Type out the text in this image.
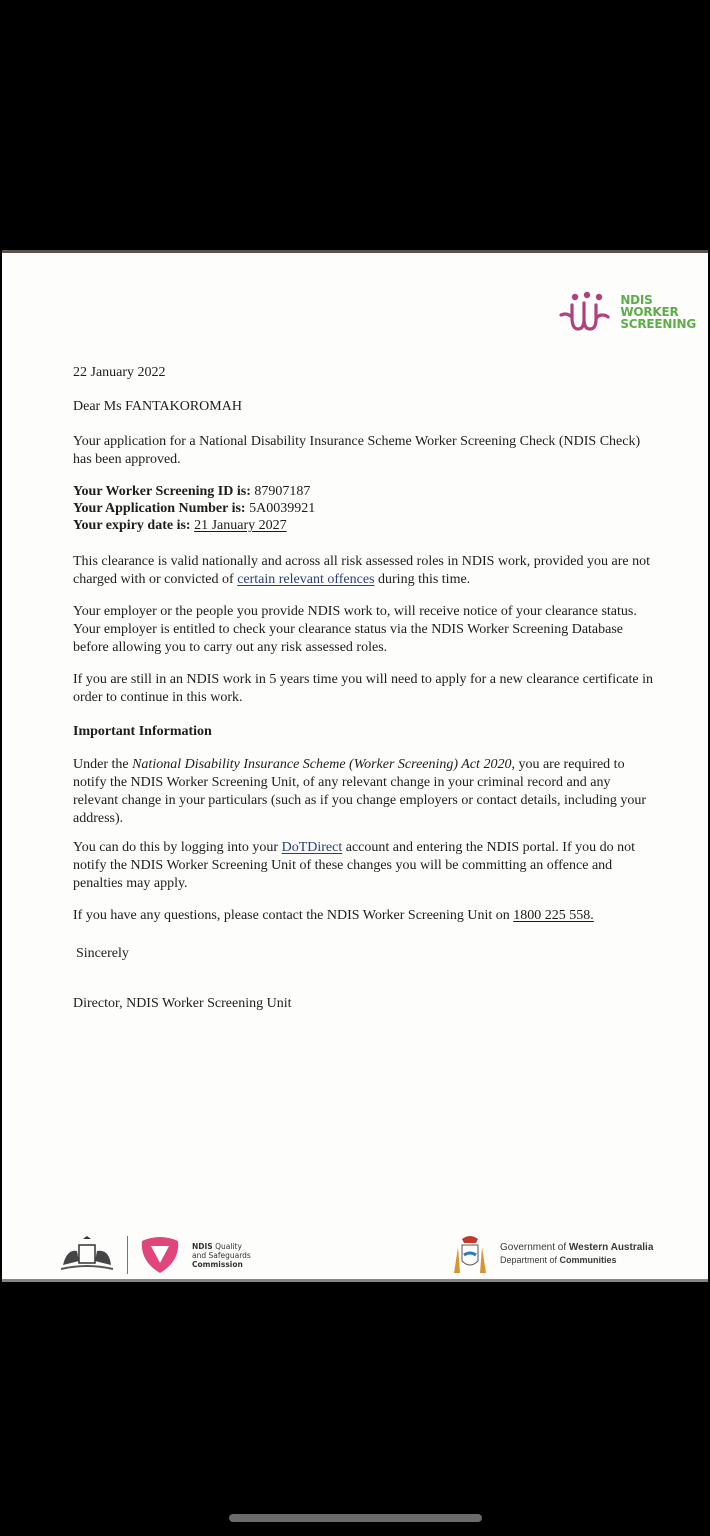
NDIS
WORKER
SCREENING
22 January 2022
Dear Ms FANTAKOROMAH
Your application for a National Disability Insurance Scheme Worker Screening Check (NDIS Check) has been approved.
Your Worker Screening ID is: 87907187
Your Application Number is: 5A0039921
Your expiry date is: 21 January 2027
This clearance is valid nationally and across all risk assessed roles in NDIS work, provided you are not charged with or convicted of certain relevant offences during this time.
Your employer or the people you provide NDIS work to, will receive notice of your clearance status. Your employer is entitled to check your clearance status via the NDIS Worker Screening Database before allowing you to carry out any risk assessed roles.
If you are still in an NDIS work in 5 years time you will need to apply for a new clearance certificate in order to continue in this work.
Important Information
Under the National Disability Insurance Scheme (Worker Screening) Act 2020, you are required to notify the NDIS Worker Screening Unit, of any relevant change in your criminal record and any relevant change in your particulars (such as if you change employers or contact details, including your address).
You can do this by logging into your DoTDirect account and entering the NDIS portal. If you do not notify the NDIS Worker Screening Unit of these changes you will be committing an offence and penalties may apply.
If you have any questions, please contact the NDIS Worker Screening Unit on 1800 225 558.
Sincerely
Director, NDIS Worker Screening Unit
NDIS Quality
and Safeguards
Commission
Government of Western Australia
Department of Communities
